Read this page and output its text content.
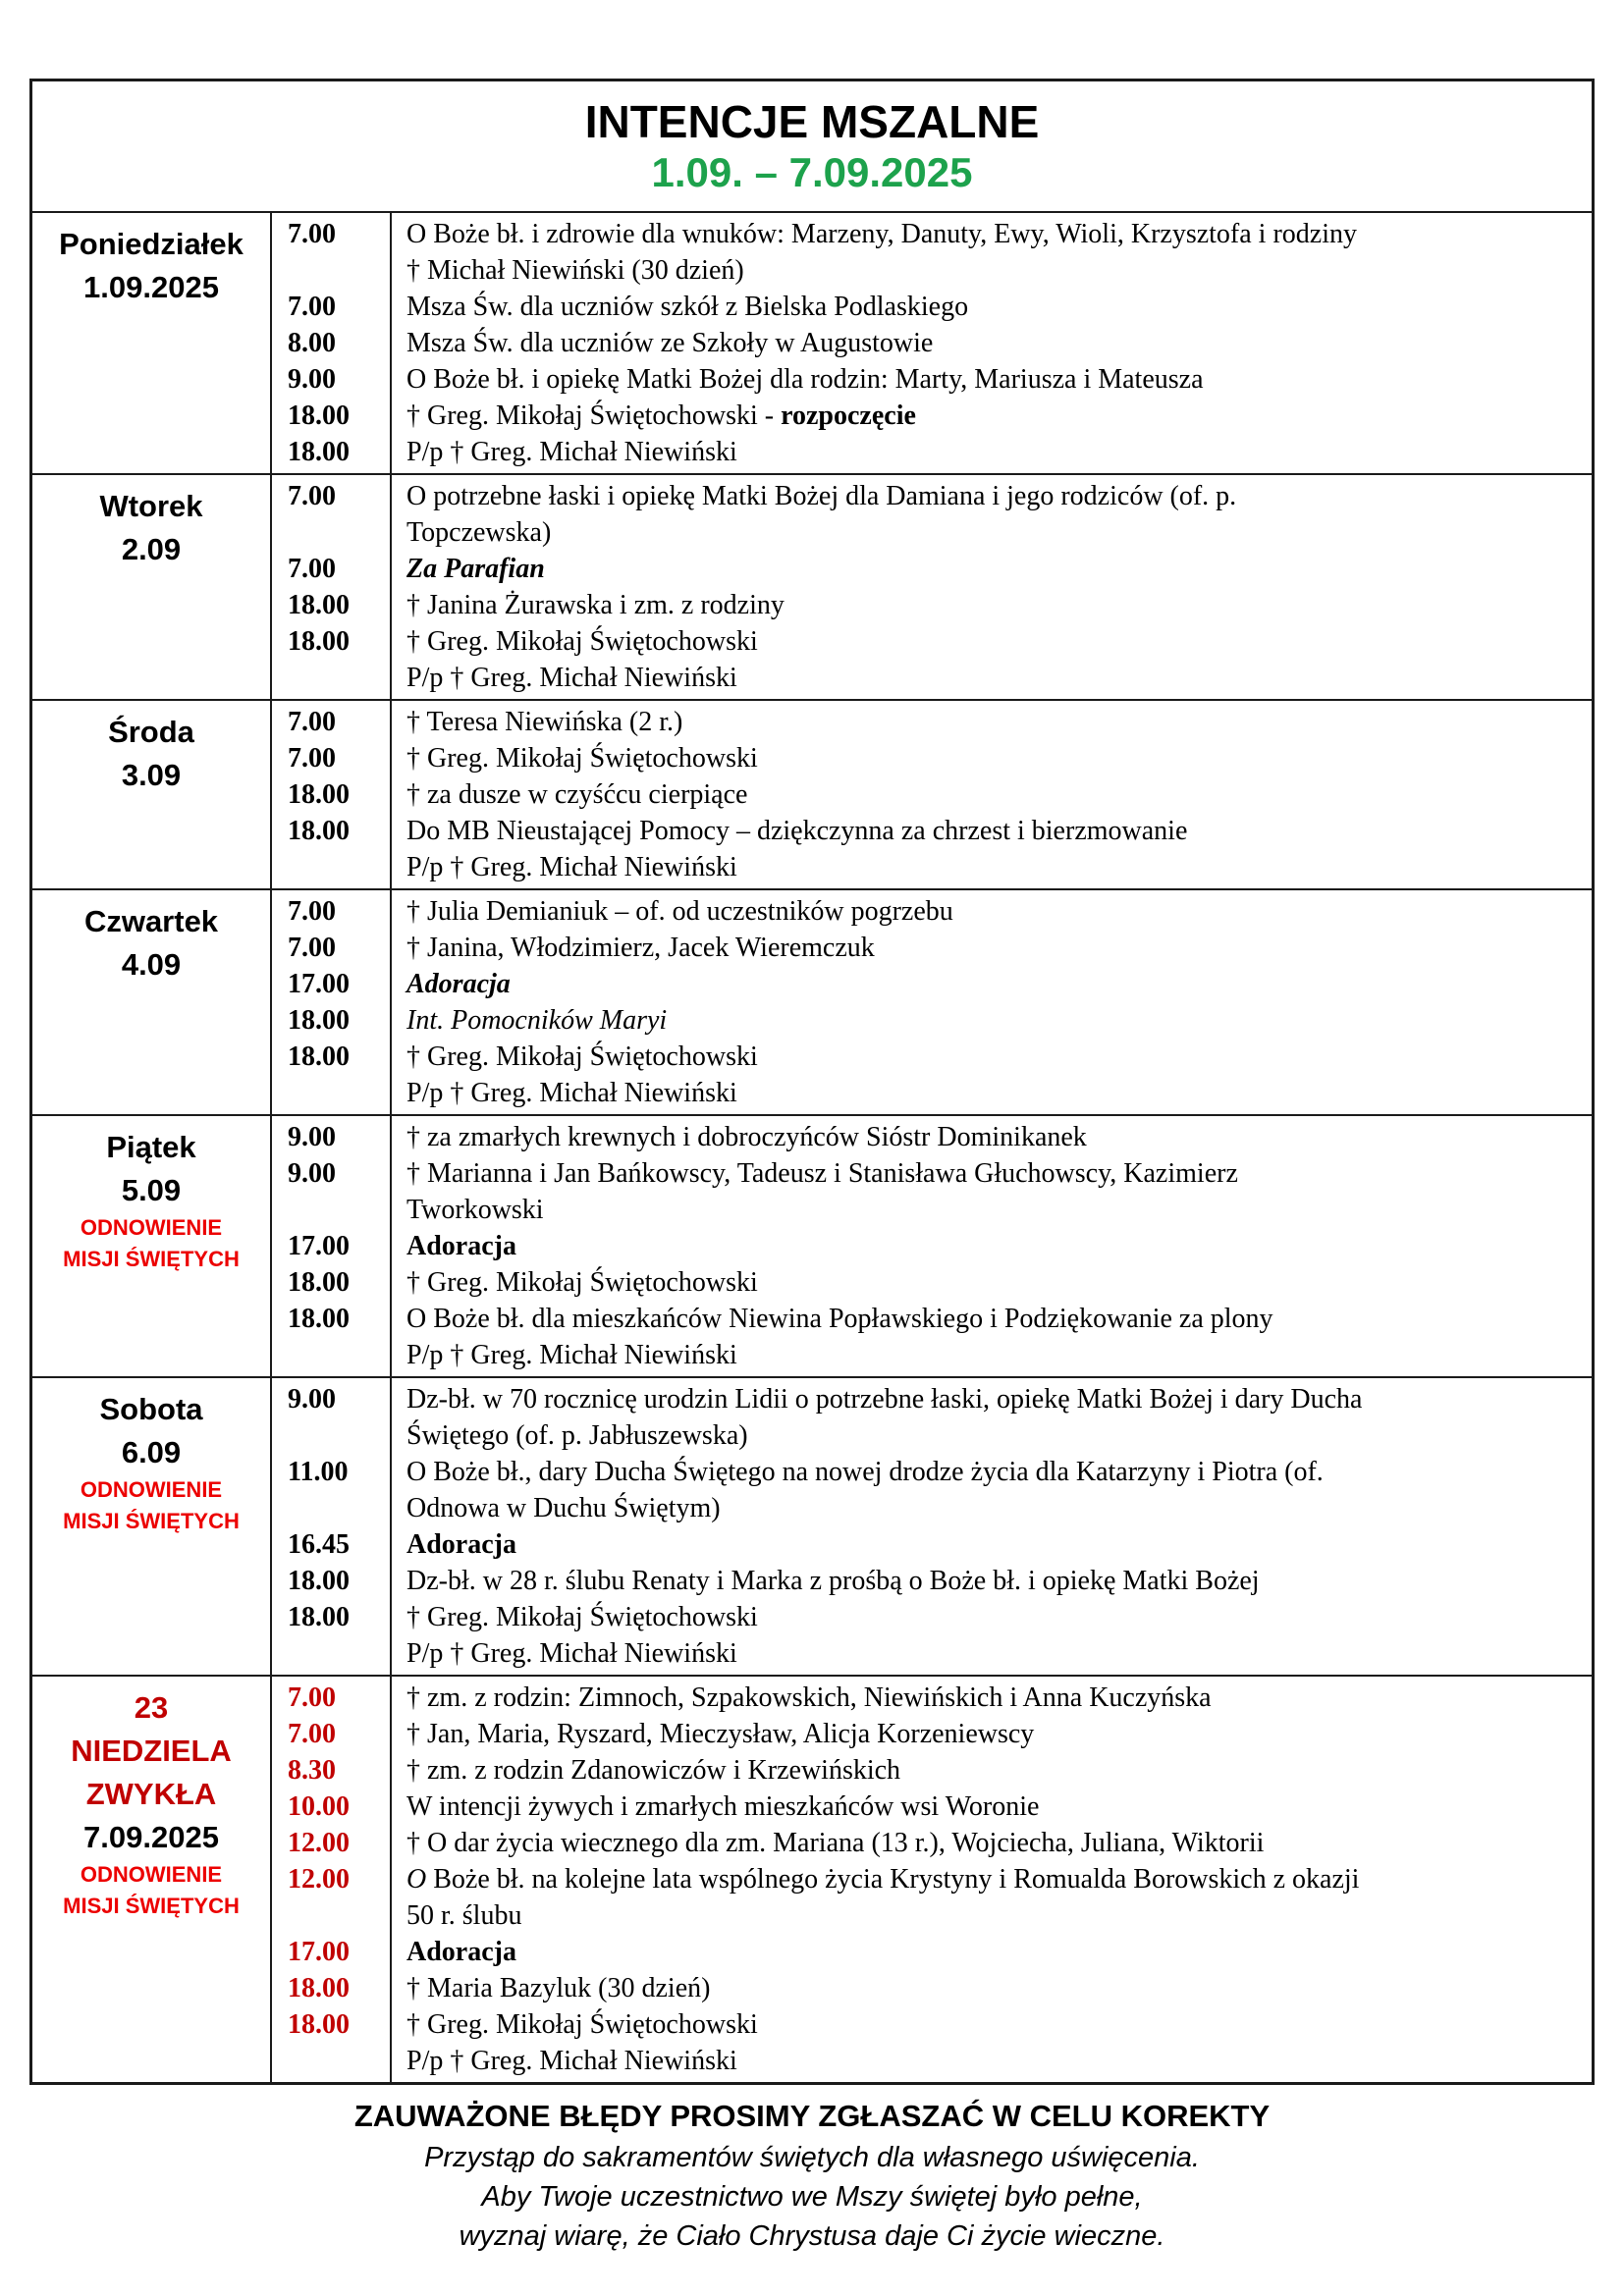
INTENCJE MSZALNE
1.09. – 7.09.2025
Poniedziałek
1.09.2025
7.00	O Boże bł. i zdrowie dla wnuków: Marzeny, Danuty, Ewy, Wioli, Krzysztofa i rodziny
† Michał Niewiński (30 dzień)
7.00	Msza Św. dla uczniów szkół z Bielska Podlaskiego
8.00	Msza Św. dla uczniów ze Szkoły w Augustowie
9.00	O Boże bł. i opiekę Matki Bożej dla rodzin: Marty, Mariusza i Mateusza
18.00	† Greg. Mikołaj Świętochowski - rozpoczęcie
18.00	P/p † Greg. Michał Niewiński
Wtorek
2.09
7.00	O potrzebne łaski i opiekę Matki Bożej dla Damiana i jego rodziców (of. p.
Topczewska)
7.00	Za Parafian
18.00	† Janina Żurawska i zm. z rodziny
18.00	† Greg. Mikołaj Świętochowski
P/p † Greg. Michał Niewiński
Środa
3.09
7.00	† Teresa Niewińska (2 r.)
7.00	† Greg. Mikołaj Świętochowski
18.00	† za dusze w czyśćcu cierpiące
18.00	Do MB Nieustającej Pomocy – dziękczynna za chrzest i bierzmowanie
P/p † Greg. Michał Niewiński
Czwartek
4.09
7.00	† Julia Demianiuk – of. od uczestników pogrzebu
7.00	† Janina, Włodzimierz, Jacek Wieremczuk
17.00	Adoracja
18.00	Int. Pomocników Maryi
18.00	† Greg. Mikołaj Świętochowski
P/p † Greg. Michał Niewiński
Piątek
5.09
ODNOWIENIE
MISJI ŚWIĘTYCH
9.00	† za zmarłych krewnych i dobroczyńców Sióstr Dominikanek
9.00	† Marianna i Jan Bańkowscy, Tadeusz i Stanisława Głuchowscy, Kazimierz
Tworkowski
17.00	Adoracja
18.00	† Greg. Mikołaj Świętochowski
18.00	O Boże bł. dla mieszkańców Niewina Popławskiego i Podziękowanie za plony
P/p † Greg. Michał Niewiński
Sobota
6.09
ODNOWIENIE
MISJI ŚWIĘTYCH
9.00	Dz-bł. w 70 rocznicę urodzin Lidii o potrzebne łaski, opiekę Matki Bożej i dary Ducha
Świętego (of. p. Jabłuszewska)
11.00	O Boże bł., dary Ducha Świętego na nowej drodze życia dla Katarzyny i Piotra (of.
Odnowa w Duchu Świętym)
16.45	Adoracja
18.00	Dz-bł. w 28 r. ślubu Renaty i Marka z prośbą o Boże bł. i opiekę Matki Bożej
18.00	† Greg. Mikołaj Świętochowski
P/p † Greg. Michał Niewiński
23
NIEDZIELA
ZWYKŁA
7.09.2025
ODNOWIENIE
MISJI ŚWIĘTYCH
7.00	† zm. z rodzin: Zimnoch, Szpakowskich, Niewińskich i Anna Kuczyńska
7.00	† Jan, Maria, Ryszard, Mieczysław, Alicja Korzeniewscy
8.30	† zm. z rodzin Zdanowiczów i Krzewińskich
10.00	W intencji żywych i zmarłych mieszkańców wsi Woronie
12.00	† O dar życia wiecznego dla zm. Mariana (13 r.), Wojciecha, Juliana, Wiktorii
12.00	O Boże bł. na kolejne lata wspólnego życia Krystyny i Romualda Borowskich z okazji
50 r. ślubu
17.00	Adoracja
18.00	† Maria Bazyluk (30 dzień)
18.00	† Greg. Mikołaj Świętochowski
P/p † Greg. Michał Niewiński
ZAUWAŻONE BŁĘDY PROSIMY ZGŁASZAĆ W CELU KOREKTY
Przystąp do sakramentów świętych dla własnego uświęcenia.
Aby Twoje uczestnictwo we Mszy świętej było pełne,
wyznaj wiarę, że Ciało Chrystusa daje Ci życie wieczne.
